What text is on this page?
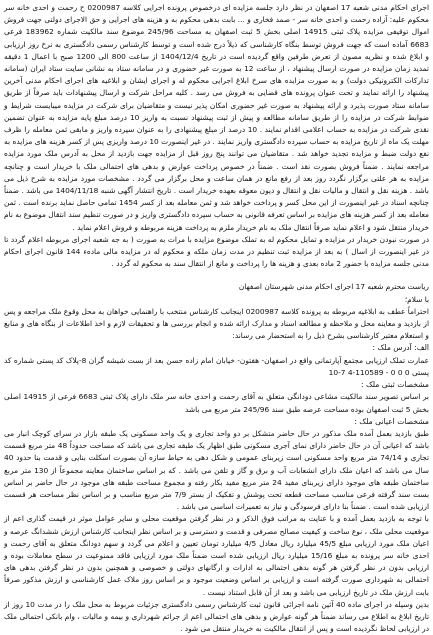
اجرای احکام مدنی شعبه 17 اصفهان در نظر دارد جلسه مزایده ای درخصوص پرونده اجرایی کلاسه 0200987 ح رحمت و احدی خانه سر محکوم علیه: آزاده رحمت و احدی خانه سر - صمد فخاری و ... بابت بدهی محکوم به و هزینه های اجرایی و حق الاجرای دولتی جهت فروش اموال توقیفی مزایده پلاک ثبتی 14915 اصلی بخش 5 ثبت اصفهان به مساحت 245/96 موضوع سند مالکیت شماره 183962 فرعی 6683 آماده است که جهت فروش توسط بنگاه کارشناسی که ذیلاً درج شده است و توسط کارشناس رسمی دادگستری به نرخ روز ارزیابی و ابلاغ شده و نظریه مصون از تعرض طرفین واقع گردیده است در تاریخ 1404/12/4 از ساعت 800 الی 1200 صبح با اعمال 1 دقیقه تمدید زمان مزایده در صورت ارسال پیشنهاد ، از ساعت 12 به صورت غیر حضوری و در سامانه ستاد به نشانی سایت ستاد ایران (سامانه تدارکات الکترونیکی دولت) و به صورت مزایده های سرخ ابلاغ اجرایی محکوم له و اجرای ایشان و ابلاغیه های اجرای احکام مدنی آخرین پیشنهاد را ارائه نمایند و تحت عنوان پرونده های قضایی به فروش می رسد . کلیه مراحل شرکت و ارسال پیشنهادات باید صرفاً از طریق سامانه ستاد صورت پذیرد و ارائه پیشنهاد به صورت غیر حضوری امکان پذیر نیست و متقاضیان برای شرکت در مزایده میبایست شرایط و ضوابط شرکت در مزایده را از طریق سامانه مطالعه و پیش از ثبت پیشنهاد نسبت به واریز 10 درصد مبلغ پایه مزایده به عنوان تضمین نقدی شرکت در مزایده به حساب اعلامی اقدام نمایند . 10 درصد از مبلغ پیشنهادی را به عنوان سپرده واریز و مابقی ثمن معامله را ظرف مهلت یک ماه از تاریخ مزایده به حساب سپرده دادگستری واریز نمایند . در غیر اینصورت 10 درصد واریزی پس از کسر هزینه های مزایده به نفع دولت ضبط و مزایده تجدید خواهد شد . متقاضیان می توانند پنج روز قبل از مزایده جهت بازدید از محل به آدرس ملک مورد مزایده مراجعه نمایند . ضمناً فروش بصورت نقد است . ضمناً در خصوص پرداخت عوارض و بدهی های احتمالی ملک با خریدار است و چنانچه مزایده به هر علتی برگزار نگردد روز بعد از رفع مانع در همان ساعت و محل برگزار می گردد . مشخصات مورد مزایده به شرح ذیل می باشد . هزینه نقل و انتقال و مالیات نقل و انتقال و دیون معوقه بعهده خریدار است . تاریخ انتشار آگهی شنبه 1404/11/18 می باشد . ضمناً چنانچه اسناد در غیر اینصورت از این محل کسر و پرداخت خواهد شد و ثمن معامله بعد از کسر 1454 تمامی حاصل نماید برنده است . ثمن معامله بعد از کسر هزینه های مزایده بر اساس تعرفه قانونی به حساب سپرده دادگستری واریز و در صورت تنظیم سند انتقال موضوع به نام خریدار منتقل شود و اعلام نماید صرفاً انتقال ملک به نام خریدار ملزم به پرداخت هزینه مربوطه و فروش اعلام نماید .

در صورت نبودن خریدار در مزایده و تمایل محکوم له به تملک موضوع مزایده با مرات به صورت ( به جه شعبه اجرای مربوطه اعلام گردد تا در غیر اینصورت از اسال ) به بعد از مزایده ثبت تنظیم در مدت زمان ملکه و محکوم له در مزایده مالی مادهء 144 قانون اجرای احکام مدنی جلسه مزایده با حضور 2 ماده بعدی و هزینه ها را پرداخت و مانع از انتقال سند به محکوم له گردد .

ریاست محترم شعبه 17 اجرای احکام مدنی شهرستان اصفهان

با سلام؛

احتراماً عطف به ابلاغیه مربوطه به پرونده کلاسه 0200987 اینجانب کارشناس منتخب با راهنمایی خواهان به محل وقوع ملک مراجعه و پس از بازدید و معاینه محل و ملاحظه و مطالعه اسناد و مدارک ارائه شده و انجام بررسی ها و تحقیقات لازم و اخذ اطلاعات از بنگاه های و منابع و استعلام معتبر کارشناسی بشرح ذیل را به استحضار می رساند:

الف: آدرس ملک :

عمارت تملک ارزیابی مجتمع آپارتمانی واقع در اصفهان- هفتون- خیابان امام زاده حسن بعد از بست شیشه گران 8-پلاک کد پستی شماره کد پستی 0 0 0 - 110589-4 7-10

مشخصات ثبتی ملک :

بر اساس تصویر سند مالکیت مشاعی دودانگی متعلق به آقای رحمت و احدی خانه سر ملک دارای پلاک ثبتی 6683 فرعی از 14915 اصلی بخش 5 ثبت اصفهان بوده مساحت عرصه طبق سند 245/96 متر مربع می باشد

مشخصات اعیانی ملک :

طبق بازدید بعمل آمده ملک مذکور در حال حاضر متشکل بر دو واحد تجاری و یک واحد مسکونی یک طبقه بازار در سرای کوچک انبار می باشد که اعیانی آن در حال حاضر دارای نمای آجری مسکونی طبق اظهار یک طبقه تجاری می باشد که مساحت حدوداً 48 متر مربع قسمت تجاری و 74/14 متر مربع واحد مسکونی است زیربنای عمومی و شکل دهی به حیاط سازه آن بصورت اسکلت بنایی و قدمت بنا حدود 40 سال می باشد که اعیان ملک دارای انشعابات آب و برق و گاز و تلفن می باشد . که بر اساس ساختمان معاینه مجموعاً از 130 متر مربع ساختمان طبقه های موجود دارای زیربنای مفید 24 متر مربع مفید بکار رفته و مجموع مساحت طبقه های موجود در حال حاضر بر اساس بست سند گرفته فرعی مناسب مساحت قطعه تحت پوشش و تفکیک از بستر 7/9 متر مربع مناسب و بر اساس نظر مساحت هر قسمت ارزیابی شده است . ضمناً بنا دارای فرسودگی و نیاز به تعمیرات اساسی می باشد .

با توجه به بازدید بعمل آمده و با عنایت به مراتب فوق الذکر و در نظر گرفتن موقعیت محلی و سایر عوامل موثر در قیمت گذاری اعم از موقعیت محلی ملک ، نوع ساخت و کیفیت مصالح مصرفی و قدمت و دسترسی و بر اساس نظر اینجانب کارشناس ارزش ششدانگ عرصه و اعیان ملک مورد ارزیابی مبلغ 45/5 میلیارد ریال معادل 4/5 میلیارد تومان تعیین و اعلام می گردد و سهم دودانگ متعلق به آقای رحمت و احدی خانه سر پرونده به مبلغ 15/16 میلیارد ریال ارزیابی شده است ضمناً ملک مورد ارزیابی فاقد ممنوعیت در سطح معاملات بوده و ارزیابی بدون در نظر گرفتن هر گونه بدهی احتمالی به ادارات و ارگانهای دولتی و خصوصی و همچنین بدون در نظر گرفتن بدهی های احتمالی به شهرداری صورت گرفته است و ارزیابی بر اساس وضعیت موجود و بر اساس روز ملاک عمل کارشناسی و ارزش مذکور صرفاً بابت ارزش ملک در تاریخ ارزیابی می باشد و بعد از آن قابل استناد نیست .

بدین وسیله در اجرای ماده 40 آئین نامه اجرائی قانون ثبت کارشناس رسمی دادگستری جزئیات مربوط به محل ملک را در مدت 10 روز از تاریخ ابلاغ به اطلاع می رساند ضمناً هر گونه عوارض و بدهی های احتمالی اعم از جرائم شهرداری و بیمه و مالیات ، وام بانکی احتمالی ملک در ارزیابی لحاظ نگردیده است و پس از انتقال مالکیت به خریدار منتقل می شود .
